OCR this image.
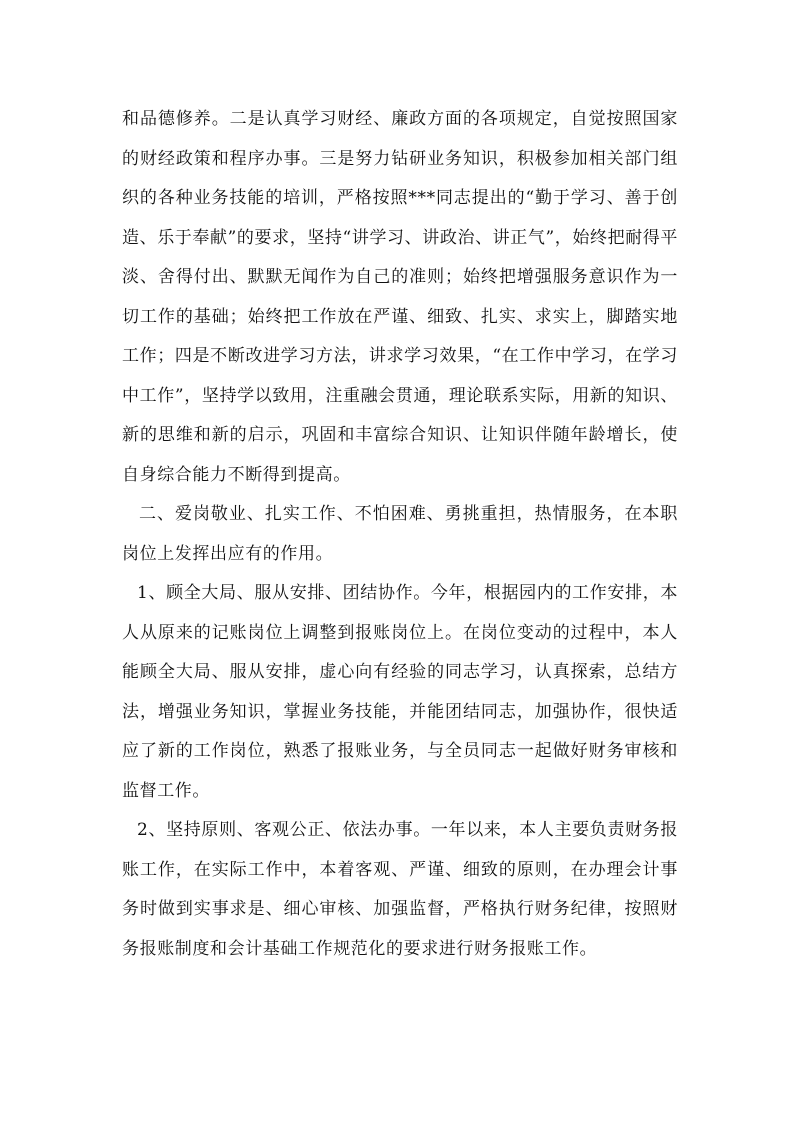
和品德修养。二是认真学习财经、廉政方面的各项规定，自觉按照国家的财经政策和程序办事。三是努力钻研业务知识，积极参加相关部门组织的各种业务技能的培训，严格按照***同志提出的“勤于学习、善于创造、乐于奉献”的要求，坚持“讲学习、讲政治、讲正气”，始终把耐得平淡、舍得付出、默默无闻作为自己的准则；始终把增强服务意识作为一切工作的基础；始终把工作放在严谨、细致、扎实、求实上，脚踏实地工作；四是不断改进学习方法，讲求学习效果，“在工作中学习，在学习中工作”，坚持学以致用，注重融会贯通，理论联系实际，用新的知识、新的思维和新的启示，巩固和丰富综合知识、让知识伴随年龄增长，使自身综合能力不断得到提高。

二、爱岗敬业、扎实工作、不怕困难、勇挑重担，热情服务，在本职岗位上发挥出应有的作用。

1、顾全大局、服从安排、团结协作。今年，根据园内的工作安排，本人从原来的记账岗位上调整到报账岗位上。在岗位变动的过程中，本人能顾全大局、服从安排，虚心向有经验的同志学习，认真探索，总结方法，增强业务知识，掌握业务技能，并能团结同志，加强协作，很快适应了新的工作岗位，熟悉了报账业务，与全员同志一起做好财务审核和监督工作。

2、坚持原则、客观公正、依法办事。一年以来，本人主要负责财务报账工作，在实际工作中，本着客观、严谨、细致的原则，在办理会计事务时做到实事求是、细心审核、加强监督，严格执行财务纪律，按照财务报账制度和会计基础工作规范化的要求进行财务报账工作。
